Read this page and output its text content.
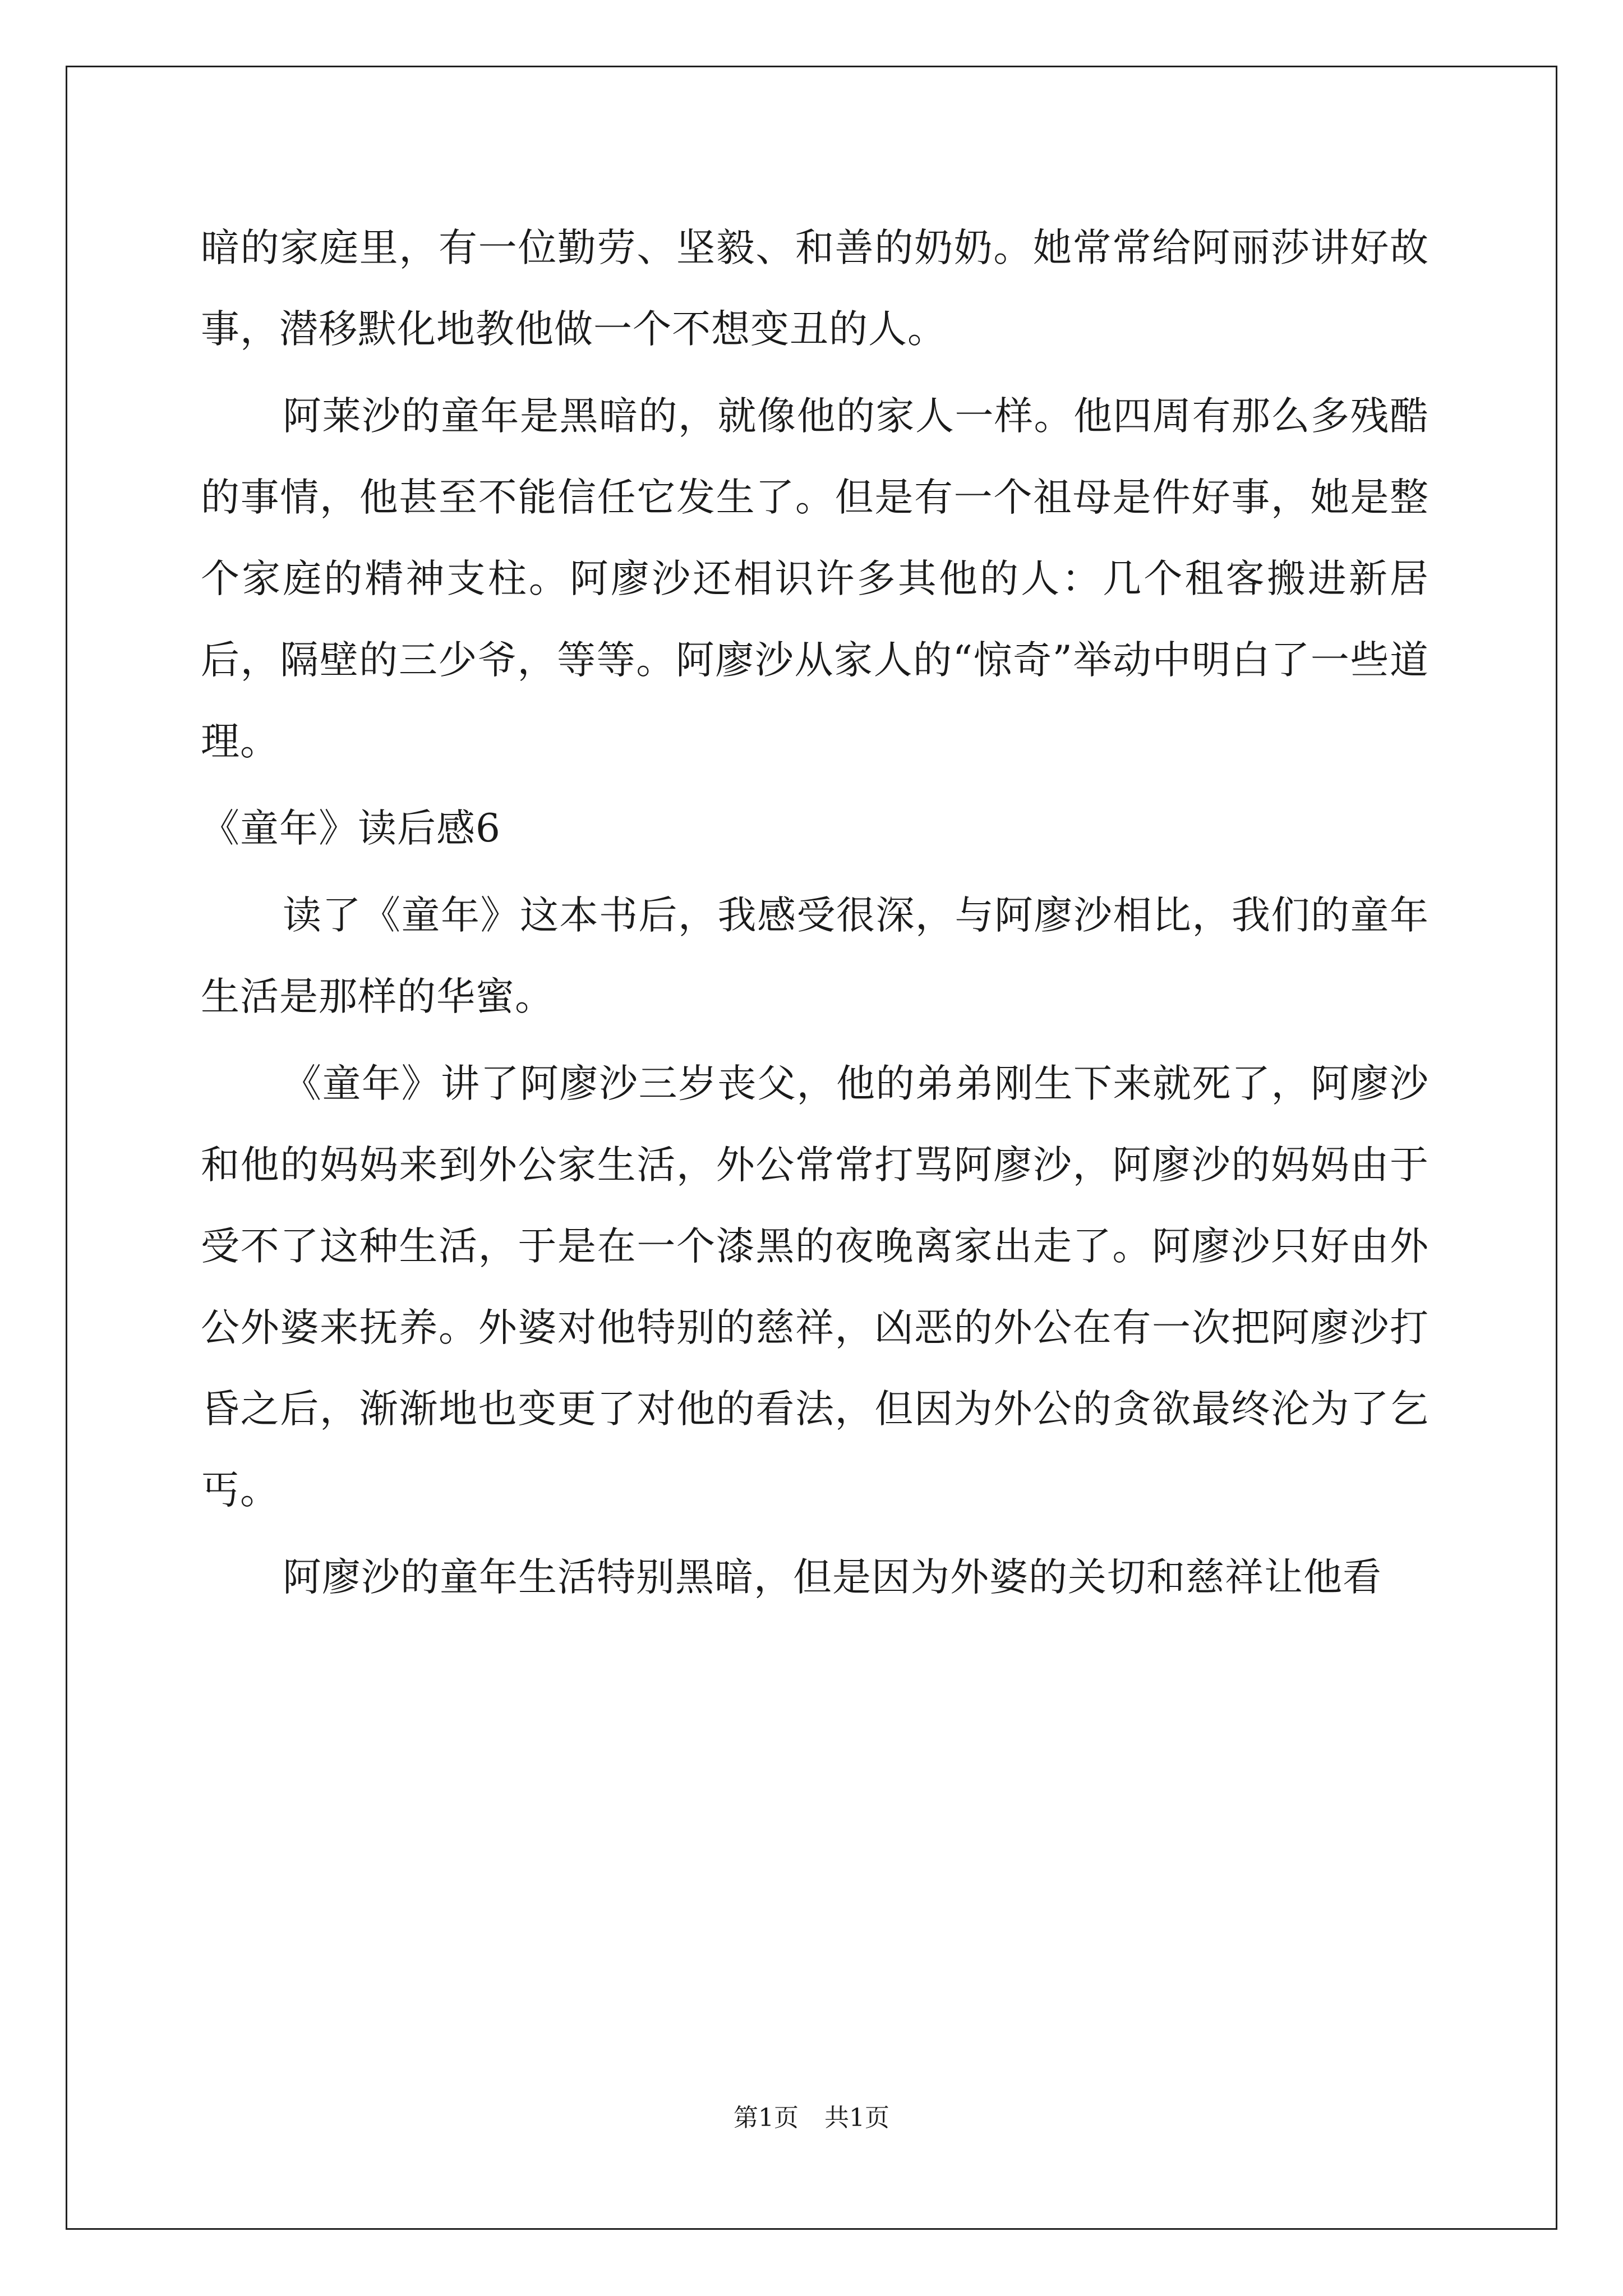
暗的家庭里，有一位勤劳、坚毅、和善的奶奶。她常常给阿丽莎讲好故事，潜移默化地教他做一个不想变丑的人。

阿莱沙的童年是黑暗的，就像他的家人一样。他四周有那么多残酷的事情，他甚至不能信任它发生了。但是有一个祖母是件好事，她是整个家庭的精神支柱。阿廖沙还相识许多其他的人：几个租客搬进新居后，隔壁的三少爷，等等。阿廖沙从家人的“惊奇”举动中明白了一些道理。

《童年》读后感6

读了《童年》这本书后，我感受很深，与阿廖沙相比，我们的童年生活是那样的华蜜。

《童年》讲了阿廖沙三岁丧父，他的弟弟刚生下来就死了，阿廖沙和他的妈妈来到外公家生活，外公常常打骂阿廖沙，阿廖沙的妈妈由于受不了这种生活，于是在一个漆黑的夜晚离家出走了。阿廖沙只好由外公外婆来抚养。外婆对他特别的慈祥，凶恶的外公在有一次把阿廖沙打昏之后，渐渐地也变更了对他的看法，但因为外公的贪欲最终沦为了乞丐。

阿廖沙的童年生活特别黑暗，但是因为外婆的关切和慈祥让他看

第1页 共1页
